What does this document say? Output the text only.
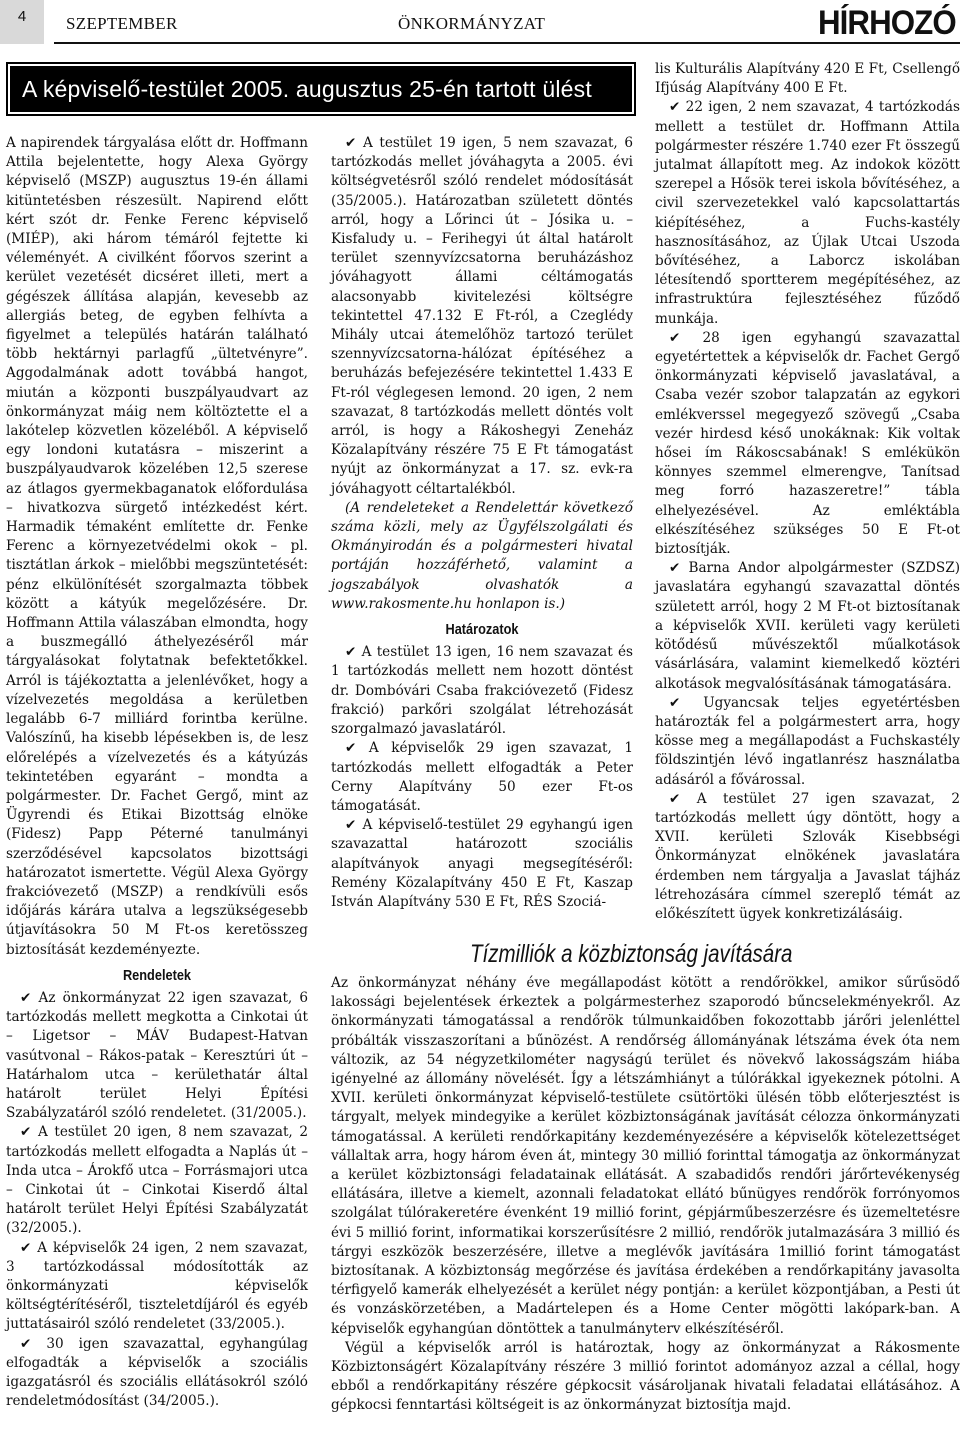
4	SZEPTEMBER	ÖNKORMÁNYZAT	HÍRHOZÓ
A képviselő-testület 2005. augusztus 25-én tartott ülést

A napirendek tárgyalása előtt dr. Hoffmann Attila bejelentette, hogy Alexa György képviselő (MSZP) augusztus 19-én állami kitüntetésben részesült. Napirend előtt kért szót dr. Fenke Ferenc képviselő (MIÉP), aki három témáról fejtette ki véleményét. A civilként főorvos szerint a kerület vezetését dicséret illeti, mert a gégészek állítása alapján, kevesebb az allergiás beteg, de egyben felhívta a figyelmet a település határán található több hektárnyi parlagfű „ültetvényre”. Aggodalmának adott továbbá hangot, miután a központi buszpályaudvart az önkormányzat máig nem költöztette el a lakótelep közvetlen közeléből. A képviselő egy londoni kutatásra – miszerint a buszpályaudvarok közelében 12,5 szerese az átlagos gyermekbaganatok előfordulása – hivatkozva sürgető intézkedést kért. Harmadik témaként említette dr. Fenke Ferenc a környezetvédelmi okok – pl. tisztátlan árkok – mielőbbi megszüntetését: pénz elkülönítését szorgalmazta többek között a kátyúk megelőzésére. Dr. Hoffmann Attila válaszában elmondta, hogy a buszmegálló áthelyezéséről már tárgyalásokat folytatnak befektetőkkel. Arról is tájékoztatta a jelenlévőket, hogy a vízelvezetés megoldása a kerületben legalább 6-7 milliárd forintba kerülne. Valószínű, ha kisebb lépésekben is, de lesz előrelépés a vízelvezetés és a kátyúzás tekintetében egyaránt – mondta a polgármester. Dr. Fachet Gergő, mint az Ügyrendi és Etikai Bizottság elnöke (Fidesz) Papp Péterné tanulmányi szerződésével kapcsolatos bizottsági határozatot ismertette. Végül Alexa György frakcióvezető (MSZP) a rendkívüli esős időjárás kárára utalva a legszükségesebb útjavításokra 50 M Ft-os keretösszeg biztosítását kezdeményezte.

Rendeletek

✔ Az önkormányzat 22 igen szavazat, 6 tartózkodás mellett megkotta a Cinkotai út – Ligetsor – MÁV Budapest-Hatvan vasútvonal – Rákos-patak – Keresztúri út – Határhalom utca – kerülethatár által határolt terület Helyi Építési Szabályzatáról szóló rendeletet. (31/2005.).

✔ A testület 20 igen, 8 nem szavazat, 2 tartózkodás mellett elfogadta a Naplás út – Inda utca – Árokfő utca – Forrásmajori utca – Cinkotai út – Cinkotai Kiserdő által határolt terület Helyi Építési Szabályzatát (32/2005.).

✔ A képviselők 24 igen, 2 nem szavazat, 3 tartózkodással módosították az önkormányzati képviselők költségtérítéséről, tiszteletdíjáról és egyéb juttatásairól szóló rendeletet (33/2005.).

✔ 30 igen szavazattal, egyhangúlag elfogadták a képviselők a szociális igazgatásról és szociális ellátásokról szóló rendeletmódosítást (34/2005.).

✔ A testület 19 igen, 5 nem szavazat, 6 tartózkodás mellet jóváhagyta a 2005. évi költségvetésről szóló rendelet módosítását (35/2005.). Határozatban született döntés arról, hogy a Lőrinci út – Jósika u. – Kisfaludy u. – Ferihegyi út által határolt terület szennyvízcsatorna beruházáshoz jóváhagyott állami céltámogatás alacsonyabb kivitelezési költségre tekintettel 47.132 E Ft-ról, a Czeglédy Mihály utcai átemelőhöz tartozó terület szennyvízcsatorna-hálózat építéséhez a beruházás befejezésére tekintettel 1.433 E Ft-ról véglegesen lemond. 20 igen, 2 nem szavazat, 8 tartózkodás mellett döntés volt arról, is hogy a Rákoshegyi Zeneház Közalapítvány részére 75 E Ft támogatást nyújt az önkormányzat a 17. sz. evk-ra jóváhagyott céltartalékból.

(A rendeleteket a Rendelettár következő száma közli, mely az Ügyfélszolgálati és Okmányirodán és a polgármesteri hivatal portáján hozzáférhető, valamint a jogszabályok olvashatók a www.rakosmente.hu honlapon is.)

Határozatok

✔ A testület 13 igen, 16 nem szavazat és 1 tartózkodás mellett nem hozott döntést dr. Dombóvári Csaba frakcióvezető (Fidesz frakció) parkőri szolgálat létrehozását szorgalmazó javaslatáról.

✔ A képviselők 29 igen szavazat, 1 tartózkodás mellett elfogadták a Peter Cerny Alapítvány 50 ezer Ft-os támogatását.

✔ A képviselő-testület 29 egyhangú igen szavazattal határozott szociális alapítványok anyagi megsegítéséről: Remény Közalapítvány 450 E Ft, Kaszap István Alapítvány 530 E Ft, RÉS Szociá-

lis Kulturális Alapítvány 420 E Ft, Csellengő Ifjúság Alapítvány 400 E Ft.

✔ 22 igen, 2 nem szavazat, 4 tartózkodás mellett a testület dr. Hoffmann Attila polgármester részére 1.740 ezer Ft összegű jutalmat állapított meg. Az indokok között szerepel a Hősök terei iskola bővítéséhez, a civil szervezetekkel való kapcsolattartás kiépítéséhez, a Fuchs-kastély hasznosításához, az Újlak Utcai Uszoda bővítéséhez, a Laborcz iskolában létesítendő sportterem megépítéséhez, az infrastruktúra fejlesztéséhez fűződő munkája.

✔ 28 igen egyhangú szavazattal egyetértettek a képviselők dr. Fachet Gergő önkormányzati képviselő javaslatával, a Csaba vezér szobor talapzatán az egykori emlékverssel megegyező szövegű „Csaba vezér hirdesd késő unokáknak: Kik voltak hősei ím Rákoscsabának! S emlékükön könnyes szemmel elmerengve, Tanítsad meg forró hazaszeretre!” tábla elhelyezésével. Az emléktábla elkészítéséhez szükséges 50 E Ft-ot biztosítják.

✔ Barna Andor alpolgármester (SZDSZ) javaslatára egyhangú szavazattal döntés született arról, hogy 2 M Ft-ot biztosítanak a képviselők XVII. kerületi vagy kerületi kötődésű művészektől műalkotások vásárlására, valamint kiemelkedő köztéri alkotások megvalósításának támogatására.

✔ Ugyancsak teljes egyetértésben határozták fel a polgármestert arra, hogy kösse meg a megállapodást a Fuchskastély földszintjén lévő ingatlanrész használatba adásáról a fővárossal.

✔ A testület 27 igen szavazat, 2 tartózkodás mellett úgy döntött, hogy a XVII. kerületi Szlovák Kisebbségi Önkormányzat elnökének javaslatára érdemben nem tárgyalja a Javaslat tájház létrehozására címmel szereplő témát az előkészített ügyek konkretizálásáig.

Tízmilliók a közbiztonság javítására

Az önkormányzat néhány éve megállapodást kötött a rendőrökkel, amikor sűrűsödő lakossági bejelentések érkeztek a polgármesterhez szaporodó bűncselekményekről. Az önkormányzati támogatással a rendőrök túlmunkaidőben fokozottabb járőri jelenléttel próbálták visszaszorítani a bűnözést. A rendőrség állományának létszáma évek óta nem változik, az 54 négyzetkilométer nagyságú terület és növekvő lakosságszám hiába igényelné az állomány növelését. Így a létszámhiányt a túlórákkal igyekeznek pótolni. A XVII. kerületi önkormányzat képviselő-testülete csütörtöki ülésén több előterjesztést is tárgyalt, melyek mindegyike a kerület közbiztonságának javítását célozza önkormányzati támogatással. A kerületi rendőrkapitány kezdeményezésére a képviselők kötelezettséget vállaltak arra, hogy három éven át, mintegy 30 millió forinttal támogatja az önkormányzat a kerület közbiztonsági feladatainak ellátását. A szabadidős rendőri járőrtevékenység ellátására, illetve a kiemelt, azonnali feladatokat ellátó bűnügyes rendőrök forrónyomos szolgálat túlórakeretére évenként 19 millió forint, gépjárműbeszerzésre és üzemeltetésre évi 5 millió forint, informatikai korszerűsítésre 2 millió, rendőrök jutalmazására 3 millió és tárgyi eszközök beszerzésére, illetve a meglévők javítására 1millió forint támogatást biztosítanak. A közbiztonság megőrzése és javítása érdekében a rendőrkapitány javasolta térfigyelő kamerák elhelyezését a kerület négy pontján: a kerület központjában, a Pesti út és vonzáskörzetében, a Madártelepen és a Home Center mögötti lakópark-ban. A képviselők egyhangúan döntöttek a tanulmányterv elkészítéséről.

Végül a képviselők arról is határoztak, hogy az önkormányzat a Rákosmente Közbiztonságért Közalapítvány részére 3 millió forintot adományoz azzal a céllal, hogy ebből a rendőrkapitány részére gépkocsit vásároljanak hivatali feladatai ellátásához. A gépkocsi fenntartási költségeit is az önkormányzat biztosítja majd.
